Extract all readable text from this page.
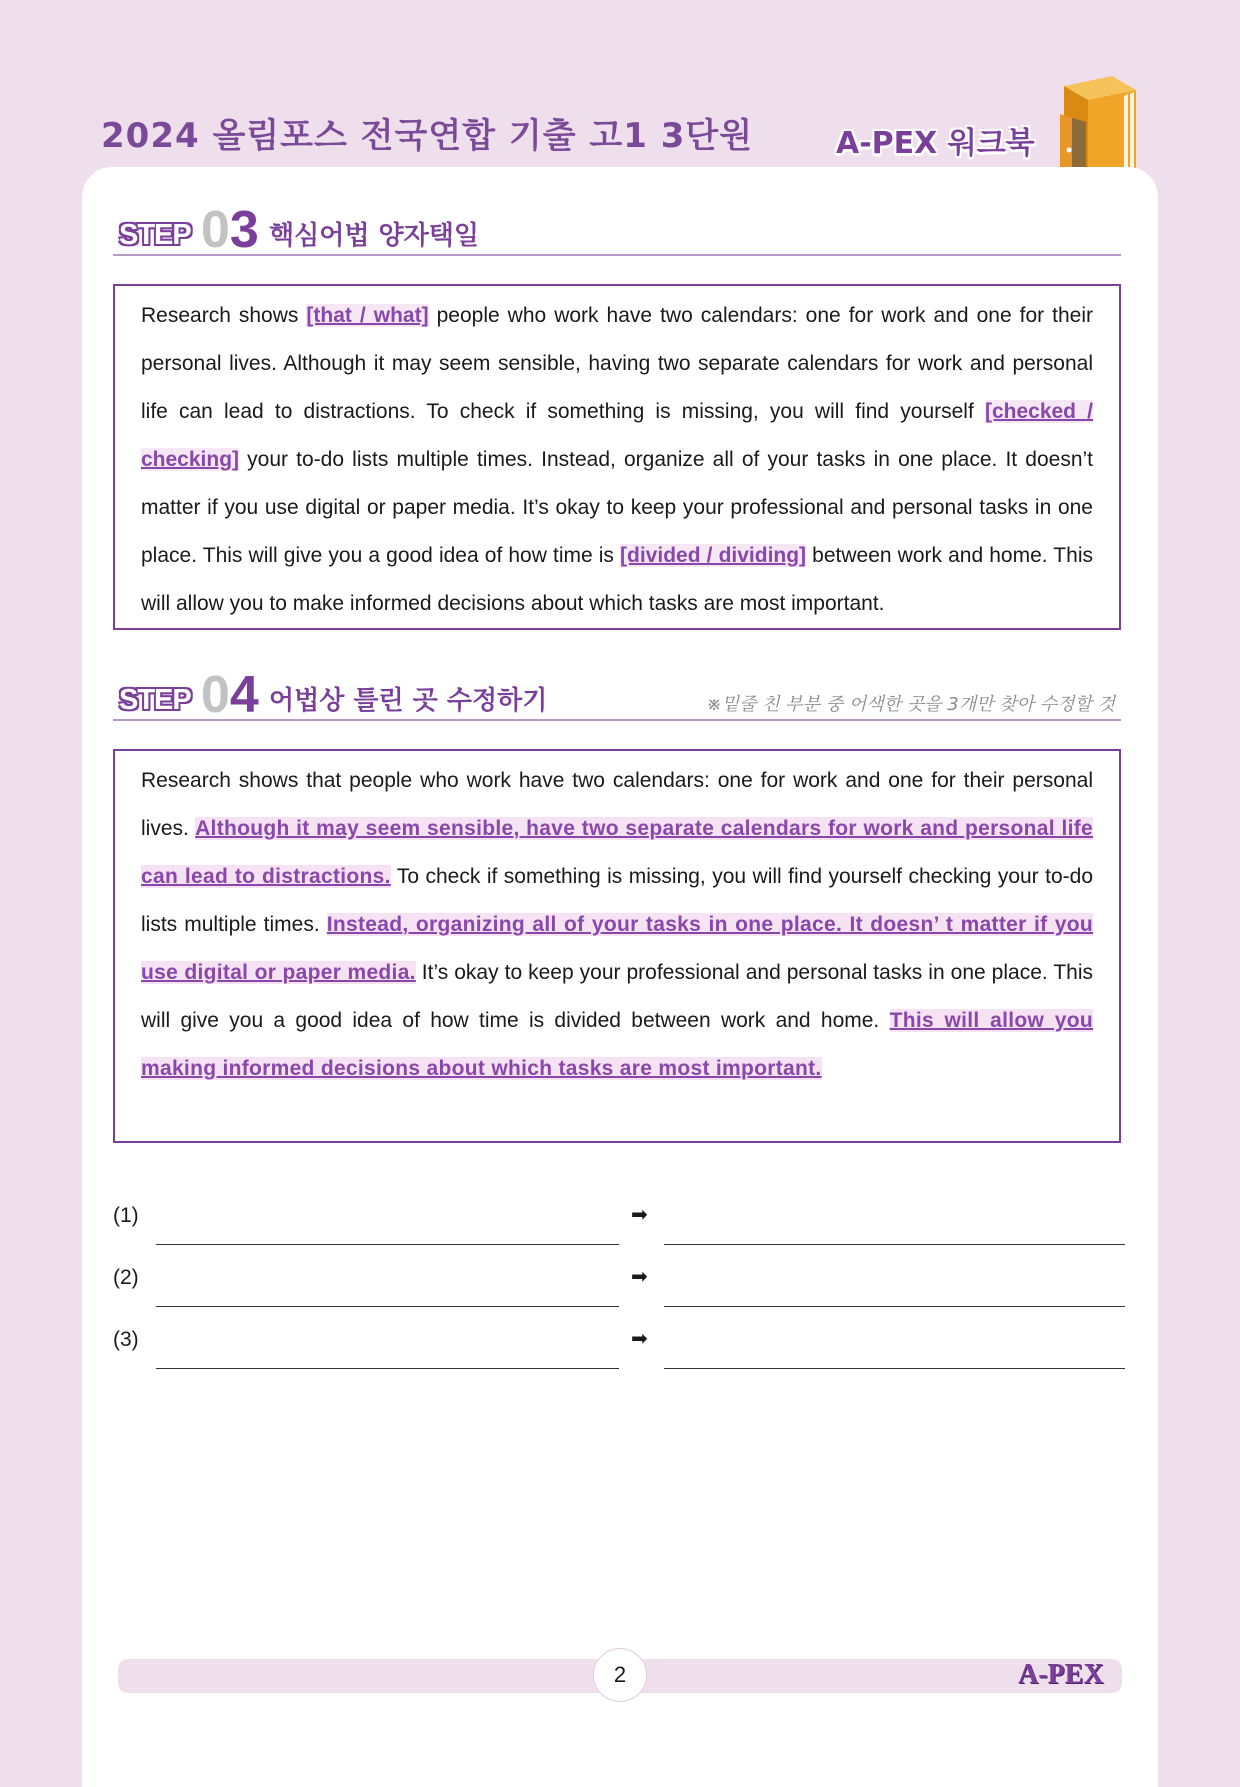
2024 올림포스 전국연합 기출 고1 3단원	A-PEX 워크북
STEP 03 핵심어법 양자택일

Research shows [that / what] people who work have two calendars: one for work and one for their personal lives. Although it may seem sensible, having two separate calendars for work and personal life can lead to distractions. To check if something is missing, you will find yourself [checked / checking] your to-do lists multiple times. Instead, organize all of your tasks in one place. It doesn’t matter if you use digital or paper media. It’s okay to keep your professional and personal tasks in one place. This will give you a good idea of how time is [divided / dividing] between work and home. This will allow you to make informed decisions about which tasks are most important.

STEP 04 어법상 틀린 곳 수정하기	※밑줄 친 부분 중 어색한 곳을 3개만 찾아 수정할 것

Research shows that people who work have two calendars: one for work and one for their personal lives. Although it may seem sensible, have two separate calendars for work and personal life can lead to distractions. To check if something is missing, you will find yourself checking your to-do lists multiple times. Instead, organizing all of your tasks in one place. It doesn’ t matter if you use digital or paper media. It’s okay to keep your professional and personal tasks in one place. This will give you a good idea of how time is divided between work and home. This will allow you making informed decisions about which tasks are most important.

(1)	➡
(2)	➡
(3)	➡
2	A-PEX
